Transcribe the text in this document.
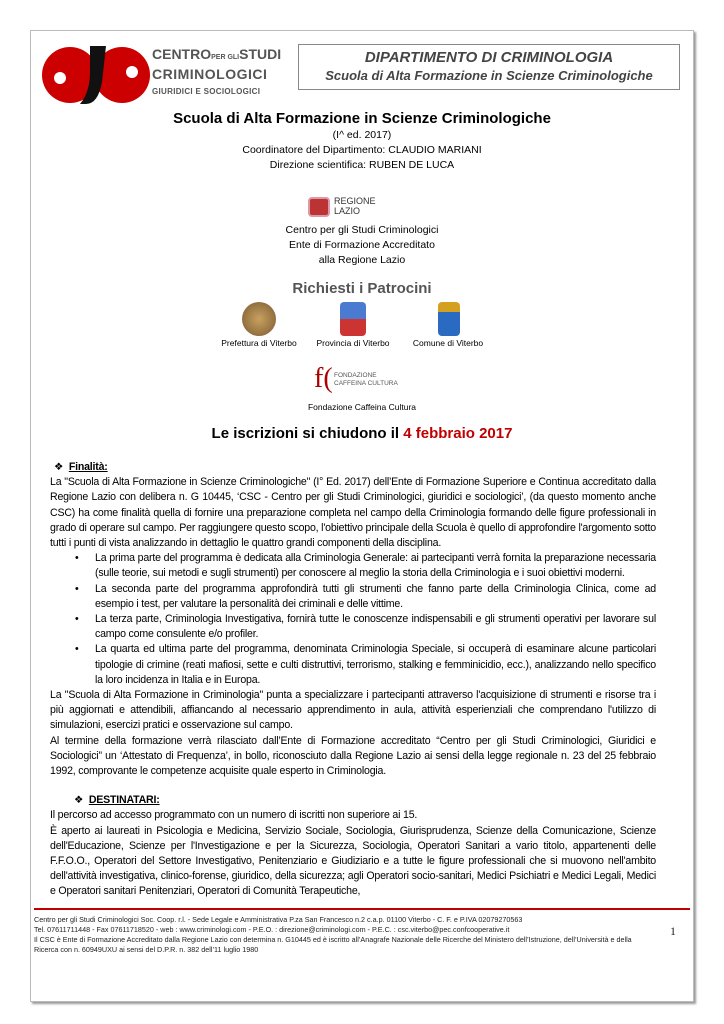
CENTROPER GLISTUDI
CRIMINOLOGICI
GIURIDICI E SOCIOLOGICI
DIPARTIMENTO DI CRIMINOLOGIA
Scuola di Alta Formazione in Scienze Criminologiche
Scuola di Alta Formazione in Scienze Criminologiche
(I^ ed. 2017)
Coordinatore del Dipartimento: CLAUDIO MARIANI
Direzione scientifica: RUBEN DE LUCA
REGIONE
LAZIO
Centro per gli Studi Criminologici
Ente di Formazione Accreditato
alla Regione Lazio
Richiesti i Patrocini
Prefettura di Viterbo	Provincia di Viterbo	Comune di Viterbo
f( FONDAZIONE
CAFFEINA CULTURA
Fondazione Caffeina Cultura
Le iscrizioni si chiudono il 4 febbraio 2017
❖ Finalità:

La "Scuola di Alta Formazione in Scienze Criminologiche" (I° Ed. 2017) dell’Ente di Formazione Superiore e Continua accreditato dalla Regione Lazio con delibera n. G 10445, ‘CSC - Centro per gli Studi Criminologici, giuridici e sociologici’, (da questo momento anche CSC) ha come finalità quella di fornire una preparazione completa nel campo della Criminologia formando delle figure professionali in grado di operare sul campo. Per raggiungere questo scopo, l'obiettivo principale della Scuola è quello di approfondire l'argomento sotto tutti i punti di vista analizzando in dettaglio le quattro grandi componenti della disciplina.

• La prima parte del programma è dedicata alla Criminologia Generale: ai partecipanti verrà fornita la preparazione necessaria (sulle teorie, sui metodi e sugli strumenti) per conoscere al meglio la storia della Criminologia e i suoi obiettivi moderni.
• La seconda parte del programma approfondirà tutti gli strumenti che fanno parte della Criminologia Clinica, come ad esempio i test, per valutare la personalità dei criminali e delle vittime.
• La terza parte, Criminologia Investigativa, fornirà tutte le conoscenze indispensabili e gli strumenti operativi per lavorare sul campo come consulente e/o profiler.
• La quarta ed ultima parte del programma, denominata Criminologia Speciale, si occuperà di esaminare alcune particolari tipologie di crimine (reati mafiosi, sette e culti distruttivi, terrorismo, stalking e femminicidio, ecc.), analizzando nello specifico la loro incidenza in Italia e in Europa.

La "Scuola di Alta Formazione in Criminologia" punta a specializzare i partecipanti attraverso l'acquisizione di strumenti e risorse tra i più aggiornati e attendibili, affiancando al necessario apprendimento in aula, attività esperienziali che comprendano l'utilizzo di simulazioni, esercizi pratici e osservazione sul campo.

Al termine della formazione verrà rilasciato dall’Ente di Formazione accreditato “Centro per gli Studi Criminologici, Giuridici e Sociologici” un ‘Attestato di Frequenza’, in bollo, riconosciuto dalla Regione Lazio ai sensi della legge regionale n. 23 del 25 febbraio 1992, comprovante le competenze acquisite quale esperto in Criminologia.

❖ DESTINATARI:

Il percorso ad accesso programmato con un numero di iscritti non superiore ai 15.

È aperto ai laureati in Psicologia e Medicina, Servizio Sociale, Sociologia, Giurisprudenza, Scienze della Comunicazione, Scienze dell'Educazione, Scienze per l'Investigazione e per la Sicurezza, Sociologia, Operatori Sanitari a vario titolo, appartenenti delle F.F.O.O., Operatori del Settore Investigativo, Penitenziario e Giudiziario e a tutte le figure professionali che si muovono nell'ambito dell'attività investigativa, clinico-forense, giuridico, della sicurezza; agli Operatori socio-sanitari, Medici Psichiatri e Medici Legali, Medici e Operatori sanitari Penitenziari, Operatori di Comunità Terapeutiche,

Centro per gli Studi Criminologici Soc. Coop. r.l. - Sede Legale e Amministrativa P.za San Francesco n.2 c.a.p. 01100 Viterbo - C. F. e P.IVA 02079270563
Tel. 07611711448 - Fax 07611718520 - web : www.criminologi.com - P.E.O. : direzione@criminologi.com - P.E.C. : csc.viterbo@pec.confcooperative.it
Il CSC è Ente di Formazione Accreditato dalla Regione Lazio con determina n. G10445 ed è iscritto all’Anagrafe Nazionale delle Ricerche del Ministero dell’Istruzione, dell’Università e della Ricerca con n. 60949UXU ai sensi del D.P.R. n. 382 dell’11 luglio 1980
1
